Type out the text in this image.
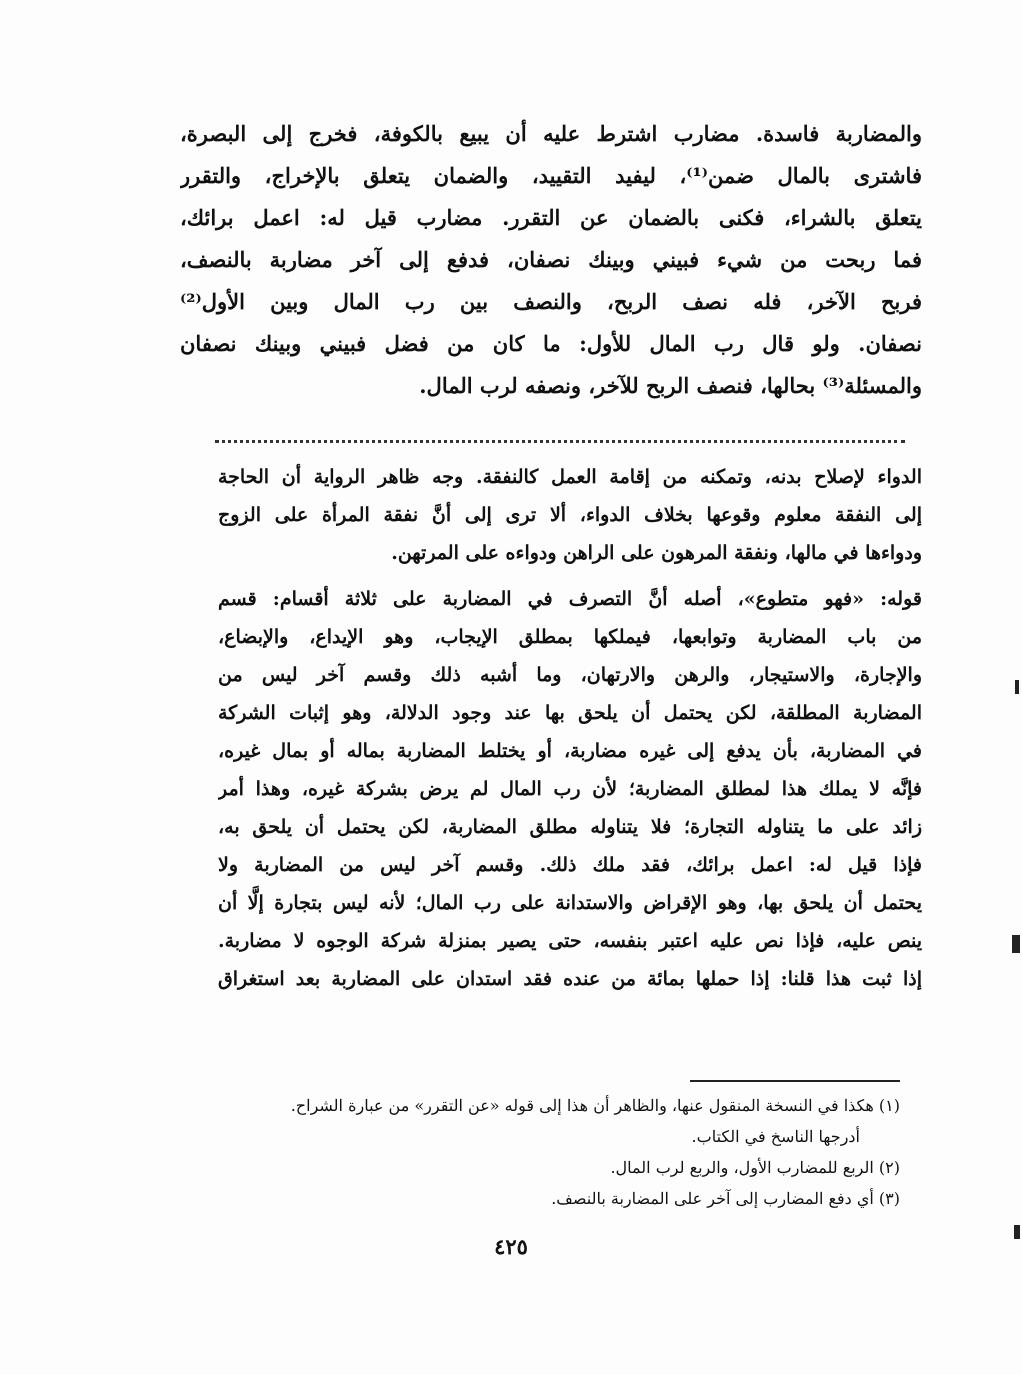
والمضاربة فاسدة. مضارب اشترط عليه أن يبيع بالكوفة، فخرج إلى البصرة،
فاشترى بالمال ضمن⁽¹⁾، ليفيد التقييد، والضمان يتعلق بالإخراج، والتقرر
يتعلق بالشراء، فكنى بالضمان عن التقرر. مضارب قيل له: اعمل برائك،
فما ربحت من شيء فبيني وبينك نصفان، فدفع إلى آخر مضاربة بالنصف،
فربح الآخر، فله نصف الربح، والنصف بين رب المال وبين الأول⁽²⁾
نصفان. ولو قال رب المال للأول: ما كان من فضل فبيني وبينك نصفان
والمسئلة⁽³⁾ بحالها، فنصف الربح للآخر، ونصفه لرب المال.
الدواء لإصلاح بدنه، وتمكنه من إقامة العمل كالنفقة. وجه ظاهر الرواية أن الحاجة
إلى النفقة معلوم وقوعها بخلاف الدواء، ألا ترى إلى أنَّ نفقة المرأة على الزوج
ودواءها في مالها، ونفقة المرهون على الراهن ودواءه على المرتهن.
قوله: «فهو متطوع»، أصله أنَّ التصرف في المضاربة على ثلاثة أقسام: قسم
من باب المضاربة وتوابعها، فيملكها بمطلق الإيجاب، وهو الإيداع، والإبضاع،
والإجارة، والاستيجار، والرهن والارتهان، وما أشبه ذلك وقسم آخر ليس من
المضاربة المطلقة، لكن يحتمل أن يلحق بها عند وجود الدلالة، وهو إثبات الشركة
في المضاربة، بأن يدفع إلى غيره مضاربة، أو يختلط المضاربة بماله أو بمال غيره،
فإنَّه لا يملك هذا لمطلق المضاربة؛ لأن رب المال لم يرض بشركة غيره، وهذا أمر
زائد على ما يتناوله التجارة؛ فلا يتناوله مطلق المضاربة، لكن يحتمل أن يلحق به،
فإذا قيل له: اعمل برائك، فقد ملك ذلك. وقسم آخر ليس من المضاربة ولا
يحتمل أن يلحق بها، وهو الإقراض والاستدانة على رب المال؛ لأنه ليس بتجارة إلَّا أن
ينص عليه، فإذا نص عليه اعتبر بنفسه، حتى يصير بمنزلة شركة الوجوه لا مضاربة.
إذا ثبت هذا قلنا: إذا حملها بمائة من عنده فقد استدان على المضاربة بعد استغراق
(١) هكذا في النسخة المنقول عنها، والظاهر أن هذا إلى قوله «عن التقرر» من عبارة الشراح.
أدرجها الناسخ في الكتاب.
(٢) الربع للمضارب الأول، والربع لرب المال.
(٣) أي دفع المضارب إلى آخر على المضاربة بالنصف.
٤٢٥
